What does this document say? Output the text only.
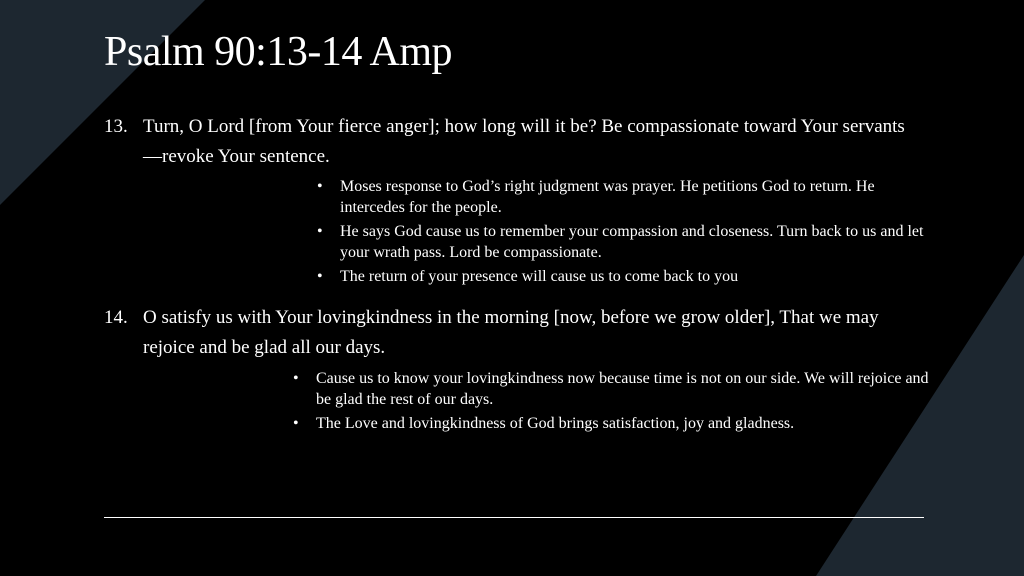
Psalm 90:13-14 Amp
13. Turn, O Lord [from Your fierce anger]; how long will it be? Be compassionate toward Your servants—revoke Your sentence.
• Moses response to God’s right judgment was prayer. He petitions God to return. He intercedes for the people.
• He says God cause us to remember your compassion and closeness. Turn back to us and let your wrath pass. Lord be compassionate.
• The return of your presence will cause us to come back to you
14. O satisfy us with Your lovingkindness in the morning [now, before we grow older], That we may rejoice and be glad all our days.
• Cause us to know your lovingkindness now because time is not on our side. We will rejoice and be glad the rest of our days.
• The Love and lovingkindness of God brings satisfaction, joy and gladness.
